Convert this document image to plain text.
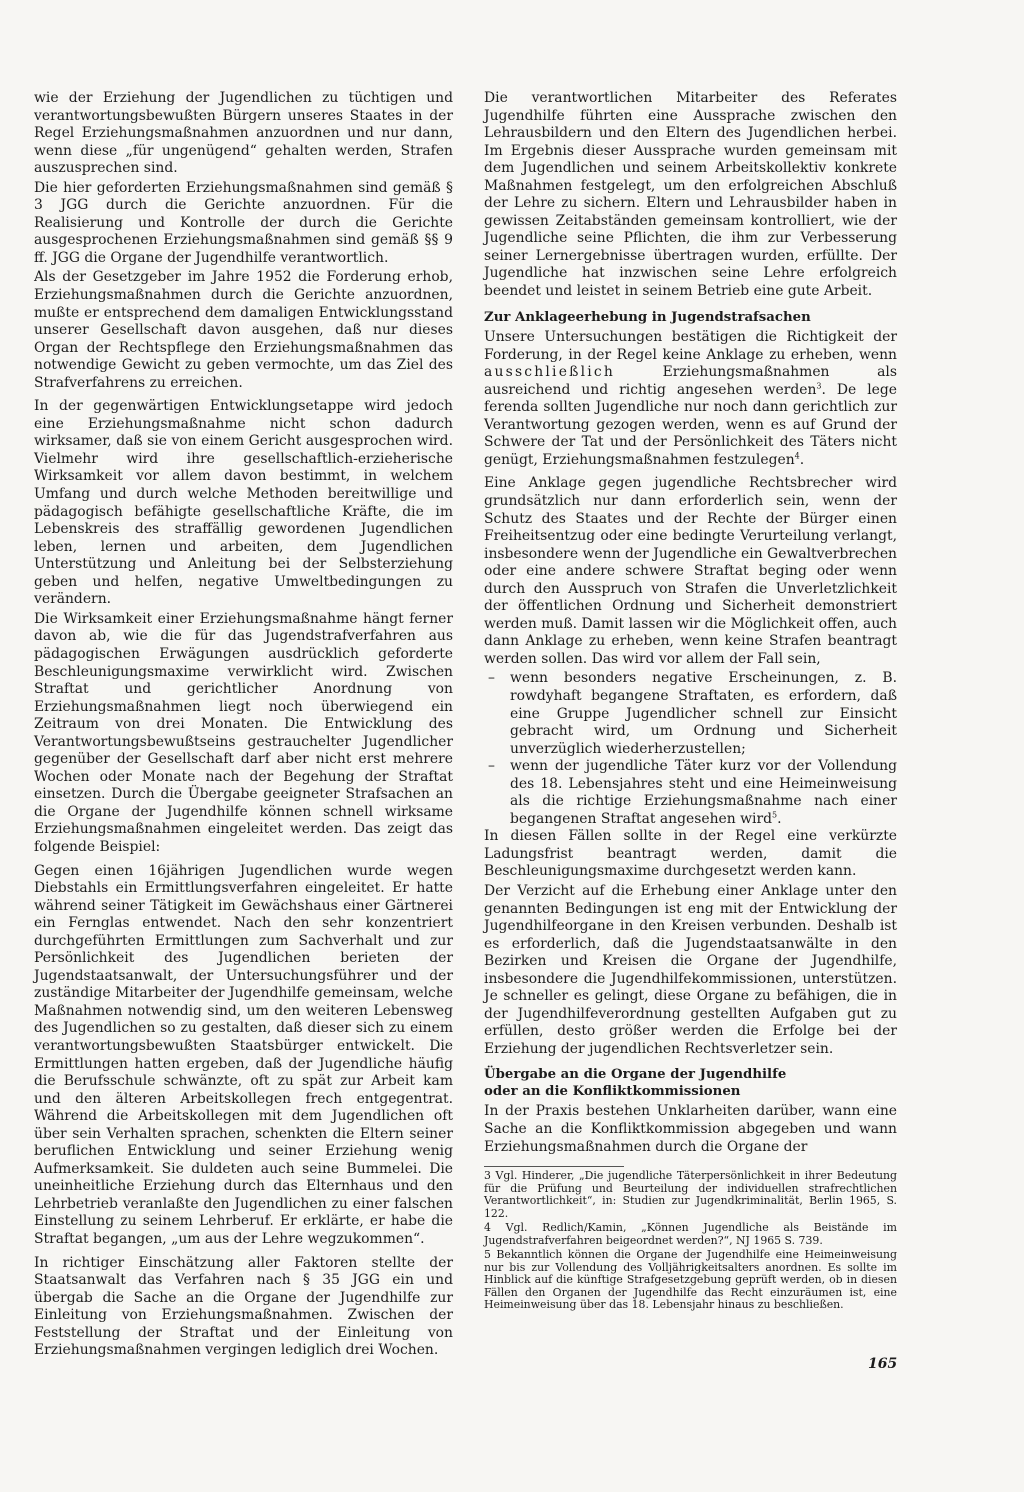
wie der Erziehung der Jugendlichen zu tüchtigen und verantwortungsbewußten Bürgern unseres Staates in der Regel Erziehungsmaßnahmen anzuordnen und nur dann, wenn diese „für ungenügend“ gehalten werden, Strafen auszusprechen sind.

Die hier geforderten Erziehungsmaßnahmen sind gemäß § 3 JGG durch die Gerichte anzuordnen. Für die Realisierung und Kontrolle der durch die Gerichte ausgesprochenen Erziehungsmaßnahmen sind gemäß §§ 9 ff. JGG die Organe der Jugendhilfe verantwortlich.

Als der Gesetzgeber im Jahre 1952 die Forderung erhob, Erziehungsmaßnahmen durch die Gerichte anzuordnen, mußte er entsprechend dem damaligen Entwicklungsstand unserer Gesellschaft davon ausgehen, daß nur dieses Organ der Rechtspflege den Erziehungsmaßnahmen das notwendige Gewicht zu geben vermochte, um das Ziel des Strafverfahrens zu erreichen.

In der gegenwärtigen Entwicklungsetappe wird jedoch eine Erziehungsmaßnahme nicht schon dadurch wirksamer, daß sie von einem Gericht ausgesprochen wird. Vielmehr wird ihre gesellschaftlich-erzieherische Wirksamkeit vor allem davon bestimmt, in welchem Umfang und durch welche Methoden bereitwillige und pädagogisch befähigte gesellschaftliche Kräfte, die im Lebenskreis des straffällig gewordenen Jugendlichen leben, lernen und arbeiten, dem Jugendlichen Unterstützung und Anleitung bei der Selbsterziehung geben und helfen, negative Umweltbedingungen zu verändern.

Die Wirksamkeit einer Erziehungsmaßnahme hängt ferner davon ab, wie die für das Jugendstrafverfahren aus pädagogischen Erwägungen ausdrücklich geforderte Beschleunigungsmaxime verwirklicht wird. Zwischen Straftat und gerichtlicher Anordnung von Erziehungsmaßnahmen liegt noch überwiegend ein Zeitraum von drei Monaten. Die Entwicklung des Verantwortungsbewußtseins gestrauchelter Jugendlicher gegenüber der Gesellschaft darf aber nicht erst mehrere Wochen oder Monate nach der Begehung der Straftat einsetzen. Durch die Übergabe geeigneter Strafsachen an die Organe der Jugendhilfe können schnell wirksame Erziehungsmaßnahmen eingeleitet werden. Das zeigt das folgende Beispiel:

Gegen einen 16jährigen Jugendlichen wurde wegen Diebstahls ein Ermittlungsverfahren eingeleitet. Er hatte während seiner Tätigkeit im Gewächshaus einer Gärtnerei ein Fernglas entwendet. Nach den sehr konzentriert durchgeführten Ermittlungen zum Sachverhalt und zur Persönlichkeit des Jugendlichen berieten der Jugendstaatsanwalt, der Untersuchungsführer und der zuständige Mitarbeiter der Jugendhilfe gemeinsam, welche Maßnahmen notwendig sind, um den weiteren Lebensweg des Jugendlichen so zu gestalten, daß dieser sich zu einem verantwortungsbewußten Staatsbürger entwickelt. Die Ermittlungen hatten ergeben, daß der Jugendliche häufig die Berufsschule schwänzte, oft zu spät zur Arbeit kam und den älteren Arbeitskollegen frech entgegentrat. Während die Arbeitskollegen mit dem Jugendlichen oft über sein Verhalten sprachen, schenkten die Eltern seiner beruflichen Entwicklung und seiner Erziehung wenig Aufmerksamkeit. Sie duldeten auch seine Bummelei. Die uneinheitliche Erziehung durch das Elternhaus und den Lehrbetrieb veranlaßte den Jugendlichen zu einer falschen Einstellung zu seinem Lehrberuf. Er erklärte, er habe die Straftat begangen, „um aus der Lehre wegzukommen“.

In richtiger Einschätzung aller Faktoren stellte der Staatsanwalt das Verfahren nach § 35 JGG ein und übergab die Sache an die Organe der Jugendhilfe zur Einleitung von Erziehungsmaßnahmen. Zwischen der Feststellung der Straftat und der Einleitung von Erziehungsmaßnahmen vergingen lediglich drei Wochen.

Die verantwortlichen Mitarbeiter des Referates Jugendhilfe führten eine Aussprache zwischen den Lehrausbildern und den Eltern des Jugendlichen herbei. Im Ergebnis dieser Aussprache wurden gemeinsam mit dem Jugendlichen und seinem Arbeitskollektiv konkrete Maßnahmen festgelegt, um den erfolgreichen Abschluß der Lehre zu sichern. Eltern und Lehrausbilder haben in gewissen Zeitabständen gemeinsam kontrolliert, wie der Jugendliche seine Pflichten, die ihm zur Verbesserung seiner Lernergebnisse übertragen wurden, erfüllte. Der Jugendliche hat inzwischen seine Lehre erfolgreich beendet und leistet in seinem Betrieb eine gute Arbeit.

Zur Anklageerhebung in Jugendstrafsachen

Unsere Untersuchungen bestätigen die Richtigkeit der Forderung, in der Regel keine Anklage zu erheben, wenn ausschließlich Erziehungsmaßnahmen als ausreichend und richtig angesehen werden$^3$. De lege ferenda sollten Jugendliche nur noch dann gerichtlich zur Verantwortung gezogen werden, wenn es auf Grund der Schwere der Tat und der Persönlichkeit des Täters nicht genügt, Erziehungsmaßnahmen festzulegen$^4$.

Eine Anklage gegen jugendliche Rechtsbrecher wird grundsätzlich nur dann erforderlich sein, wenn der Schutz des Staates und der Rechte der Bürger einen Freiheitsentzug oder eine bedingte Verurteilung verlangt, insbesondere wenn der Jugendliche ein Gewaltverbrechen oder eine andere schwere Straftat beging oder wenn durch den Ausspruch von Strafen die Unverletzlichkeit der öffentlichen Ordnung und Sicherheit demonstriert werden muß. Damit lassen wir die Möglichkeit offen, auch dann Anklage zu erheben, wenn keine Strafen beantragt werden sollen. Das wird vor allem der Fall sein,

– wenn besonders negative Erscheinungen, z. B. rowdyhaft begangene Straftaten, es erfordern, daß eine Gruppe Jugendlicher schnell zur Einsicht gebracht wird, um Ordnung und Sicherheit unverzüglich wiederherzustellen;
– wenn der jugendliche Täter kurz vor der Vollendung des 18. Lebensjahres steht und eine Heimeinweisung als die richtige Erziehungsmaßnahme nach einer begangenen Straftat angesehen wird$^5$.

In diesen Fällen sollte in der Regel eine verkürzte Ladungsfrist beantragt werden, damit die Beschleunigungsmaxime durchgesetzt werden kann.

Der Verzicht auf die Erhebung einer Anklage unter den genannten Bedingungen ist eng mit der Entwicklung der Jugendhilfeorgane in den Kreisen verbunden. Deshalb ist es erforderlich, daß die Jugendstaatsanwälte in den Bezirken und Kreisen die Organe der Jugendhilfe, insbesondere die Jugendhilfekommissionen, unterstützen. Je schneller es gelingt, diese Organe zu befähigen, die in der Jugendhilfeverordnung gestellten Aufgaben gut zu erfüllen, desto größer werden die Erfolge bei der Erziehung der jugendlichen Rechtsverletzer sein.

Übergabe an die Organe der Jugendhilfe
oder an die Konfliktkommissionen

In der Praxis bestehen Unklarheiten darüber, wann eine Sache an die Konfliktkommission abgegeben und wann Erziehungsmaßnahmen durch die Organe der

3 Vgl. Hinderer, „Die jugendliche Täterpersönlichkeit in ihrer Bedeutung für die Prüfung und Beurteilung der individuellen strafrechtlichen Verantwortlichkeit“, in: Studien zur Jugendkriminalität, Berlin 1965, S. 122.

4 Vgl. Redlich/Kamin, „Können Jugendliche als Beistände im Jugendstrafverfahren beigeordnet werden?“, NJ 1965 S. 739.

5 Bekanntlich können die Organe der Jugendhilfe eine Heimeinweisung nur bis zur Vollendung des Volljährigkeitsalters anordnen. Es sollte im Hinblick auf die künftige Strafgesetzgebung geprüft werden, ob in diesen Fällen den Organen der Jugendhilfe das Recht einzuräumen ist, eine Heimeinweisung über das 18. Lebensjahr hinaus zu beschließen.

165
